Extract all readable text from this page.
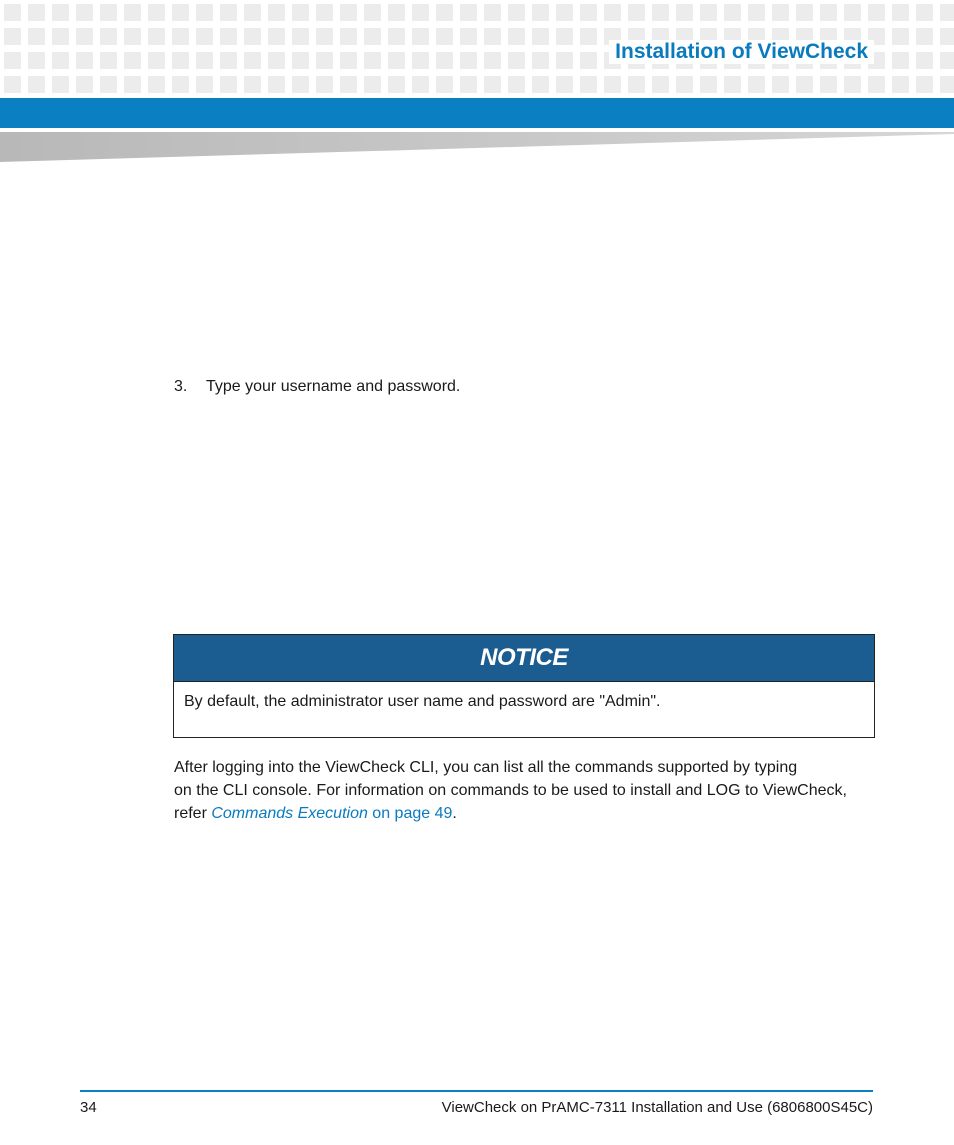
Installation of ViewCheck
3. Type your username and password.
NOTICE
By default, the administrator user name and password are "Admin".
After logging into the ViewCheck CLI, you can list all the commands supported by typing
on the CLI console. For information on commands to be used to install and LOG to ViewCheck,
refer Commands Execution on page 49.
34	ViewCheck on PrAMC-7311 Installation and Use (6806800S45C)
